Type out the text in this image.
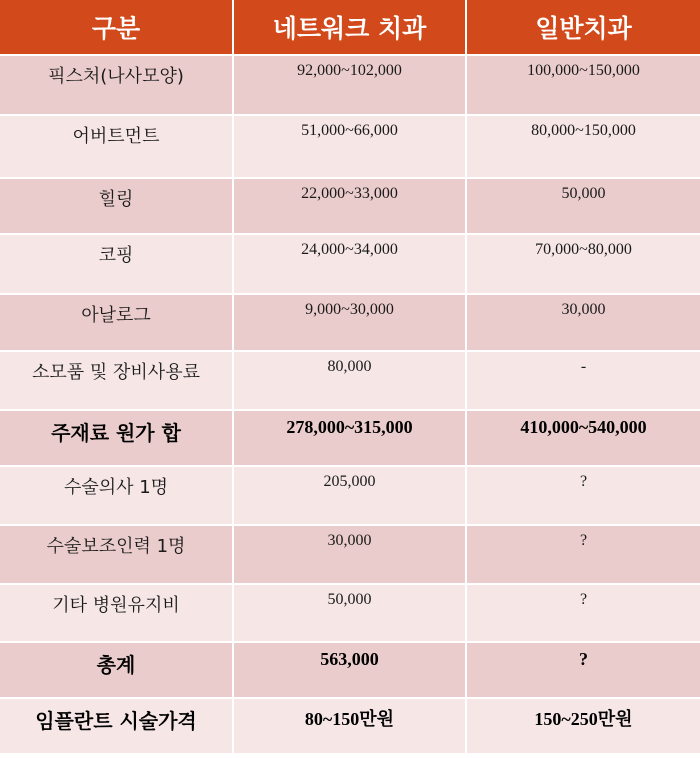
구분	네트워크 치과	일반치과

픽스처(나사모양)	92,000~102,000	100,000~150,000

어버트먼트	51,000~66,000	80,000~150,000

힐링	22,000~33,000	50,000

코핑	24,000~34,000	70,000~80,000

아날로그	9,000~30,000	30,000

소모품 및 장비사용료	80,000	-

주재료 원가 합	278,000~315,000	410,000~540,000

수술의사 1명	205,000	?

수술보조인력 1명	30,000	?

기타 병원유지비	50,000	?

총계	563,000	?

임플란트 시술가격	80~150만원	150~250만원
